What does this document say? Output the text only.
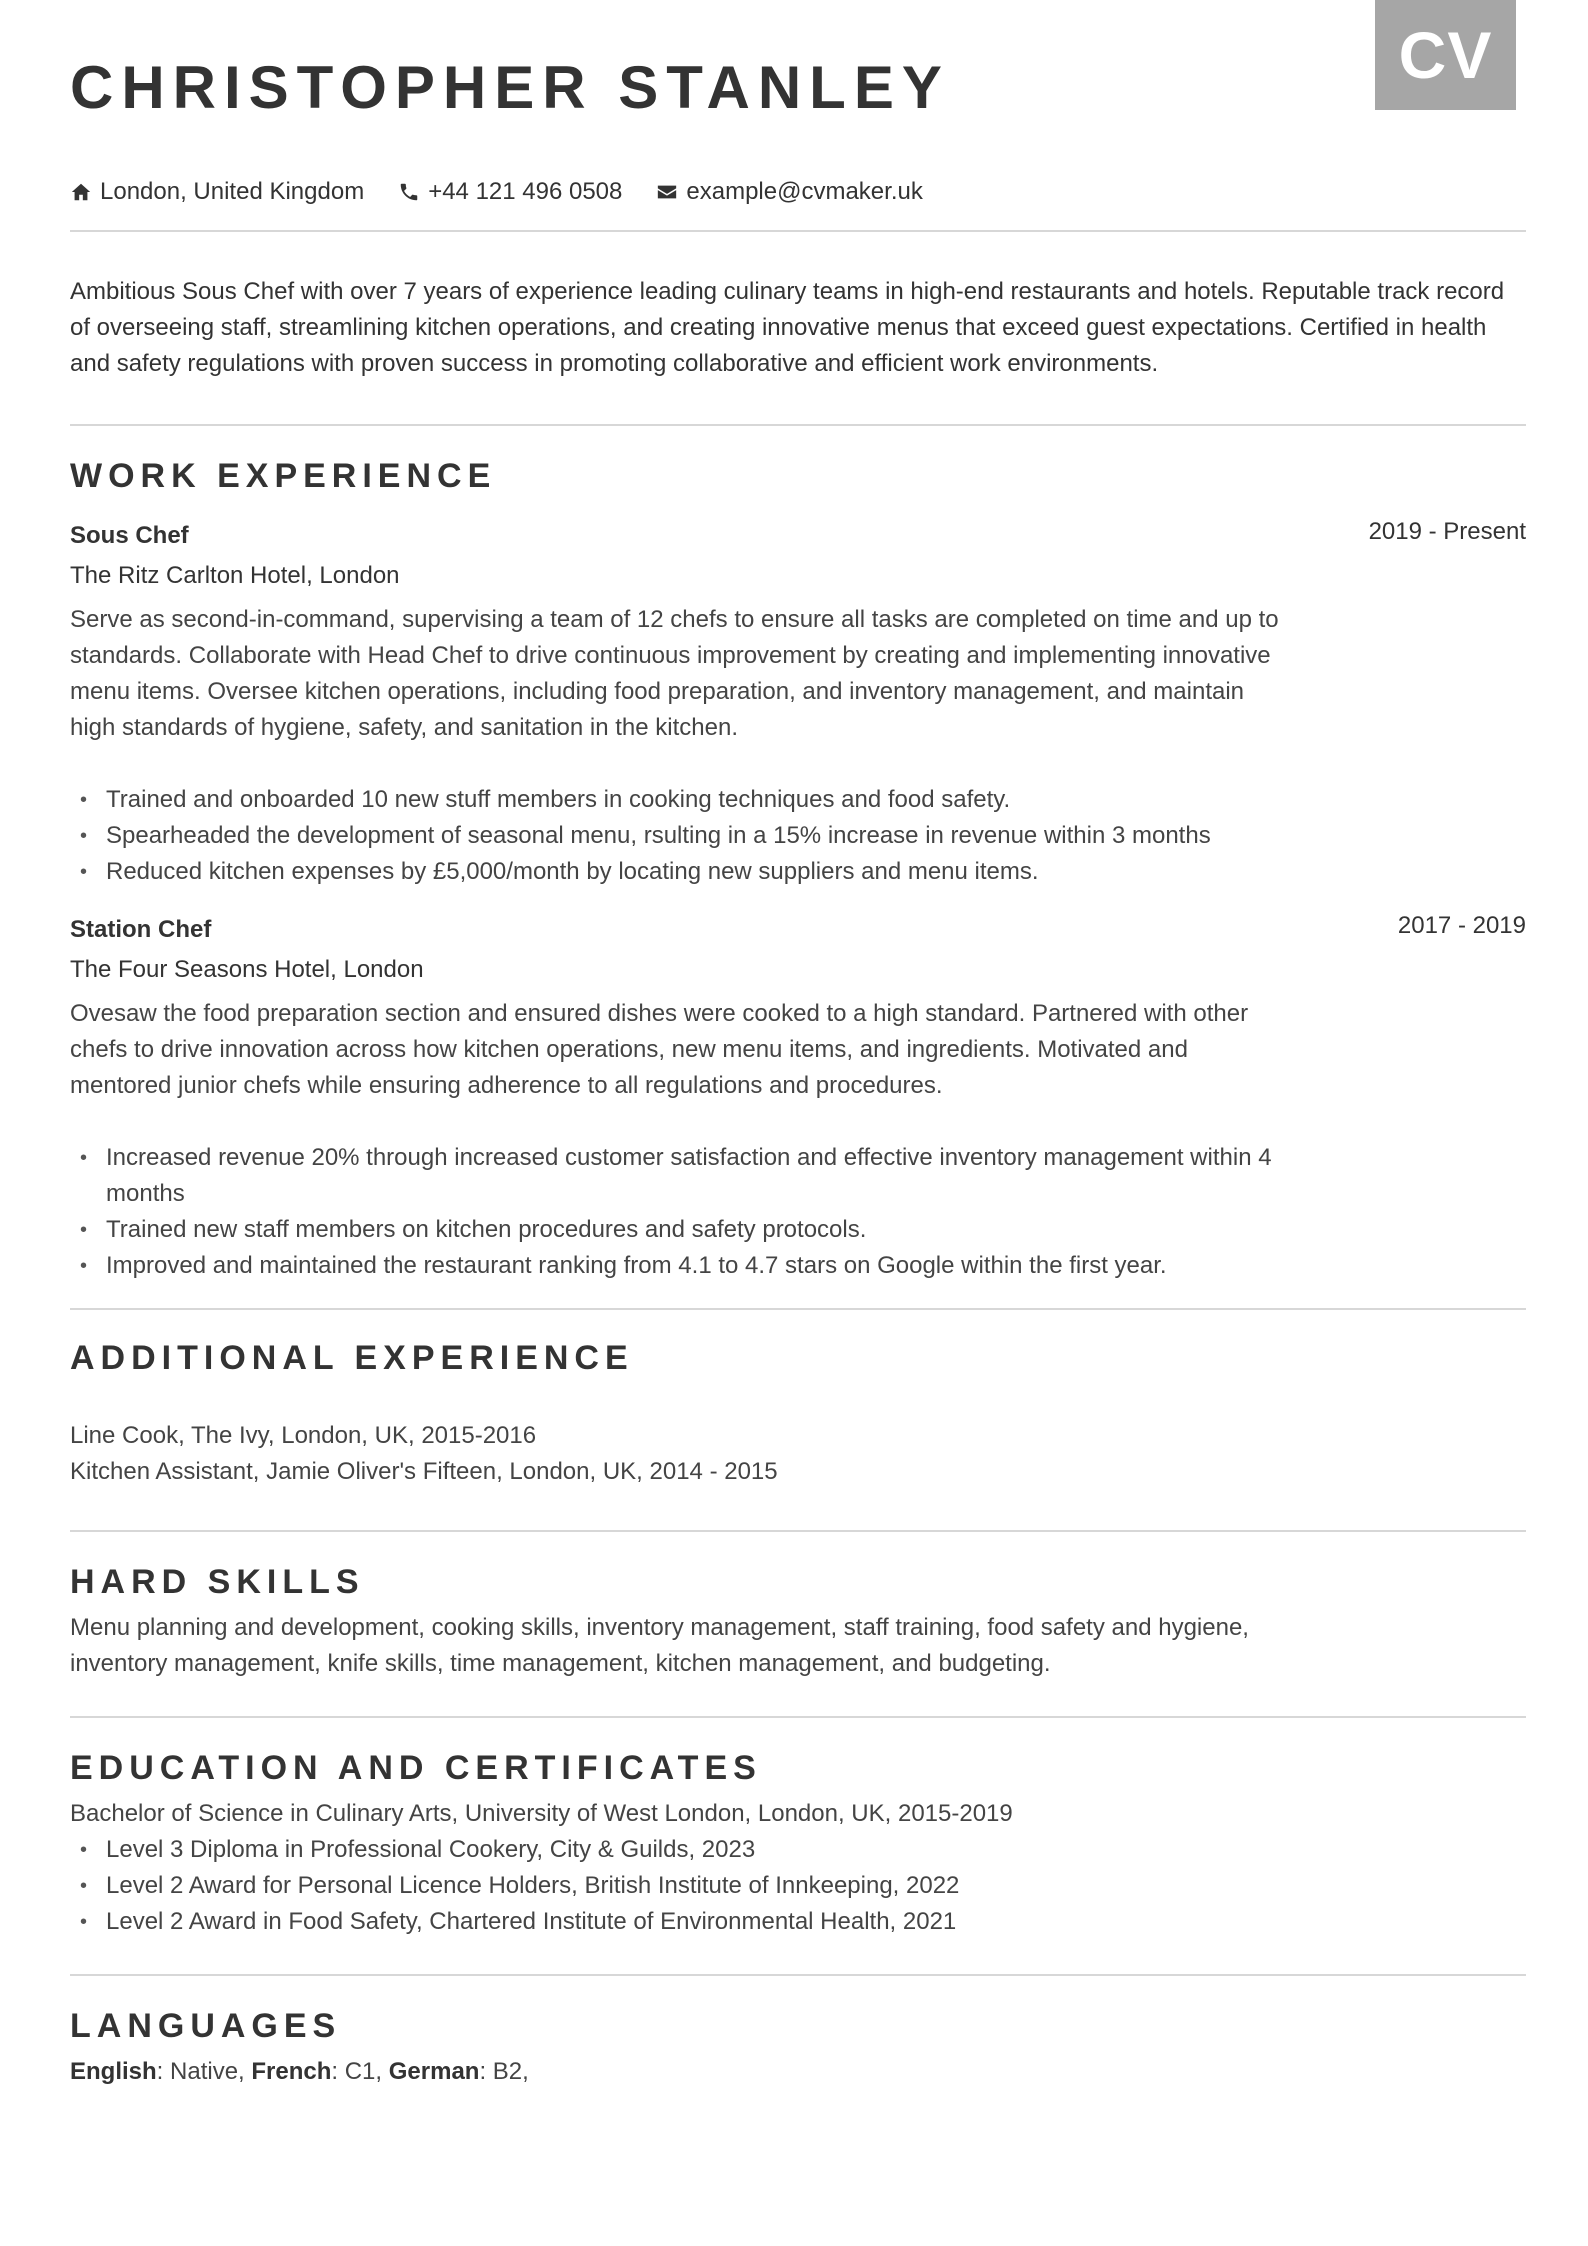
CV
CHRISTOPHER STANLEY
London, United Kingdom	+44 121 496 0508	example@cvmaker.uk

Ambitious Sous Chef with over 7 years of experience leading culinary teams in high-end restaurants and hotels. Reputable track record of overseeing staff, streamlining kitchen operations, and creating innovative menus that exceed guest expectations. Certified in health and safety regulations with proven success in promoting collaborative and efficient work environments.

WORK EXPERIENCE

Sous Chef	2019 - Present

The Ritz Carlton Hotel, London

Serve as second-in-command, supervising a team of 12 chefs to ensure all tasks are completed on time and up to standards. Collaborate with Head Chef to drive continuous improvement by creating and implementing innovative menu items. Oversee kitchen operations, including food preparation, and inventory management, and maintain high standards of hygiene, safety, and sanitation in the kitchen.

• Trained and onboarded 10 new stuff members in cooking techniques and food safety.
• Spearheaded the development of seasonal menu, rsulting in a 15% increase in revenue within 3 months
• Reduced kitchen expenses by £5,000/month by locating new suppliers and menu items.

Station Chef	2017 - 2019

The Four Seasons Hotel, London

Ovesaw the food preparation section and ensured dishes were cooked to a high standard. Partnered with other chefs to drive innovation across how kitchen operations, new menu items, and ingredients. Motivated and mentored junior chefs while ensuring adherence to all regulations and procedures.

• Increased revenue 20% through increased customer satisfaction and effective inventory management within 4 months
• Trained new staff members on kitchen procedures and safety protocols.
• Improved and maintained the restaurant ranking from 4.1 to 4.7 stars on Google within the first year.
ADDITIONAL EXPERIENCE

Line Cook, The Ivy, London, UK, 2015-2016

Kitchen Assistant, Jamie Oliver's Fifteen, London, UK, 2014 - 2015

HARD SKILLS

Menu planning and development, cooking skills, inventory management, staff training, food safety and hygiene, inventory management, knife skills, time management, kitchen management, and budgeting.

EDUCATION AND CERTIFICATES

Bachelor of Science in Culinary Arts, University of West London, London, UK, 2015-2019

• Level 3 Diploma in Professional Cookery, City & Guilds, 2023
• Level 2 Award for Personal Licence Holders, British Institute of Innkeeping, 2022
• Level 2 Award in Food Safety, Chartered Institute of Environmental Health, 2021
LANGUAGES

English: Native, French: C1, German: B2,
